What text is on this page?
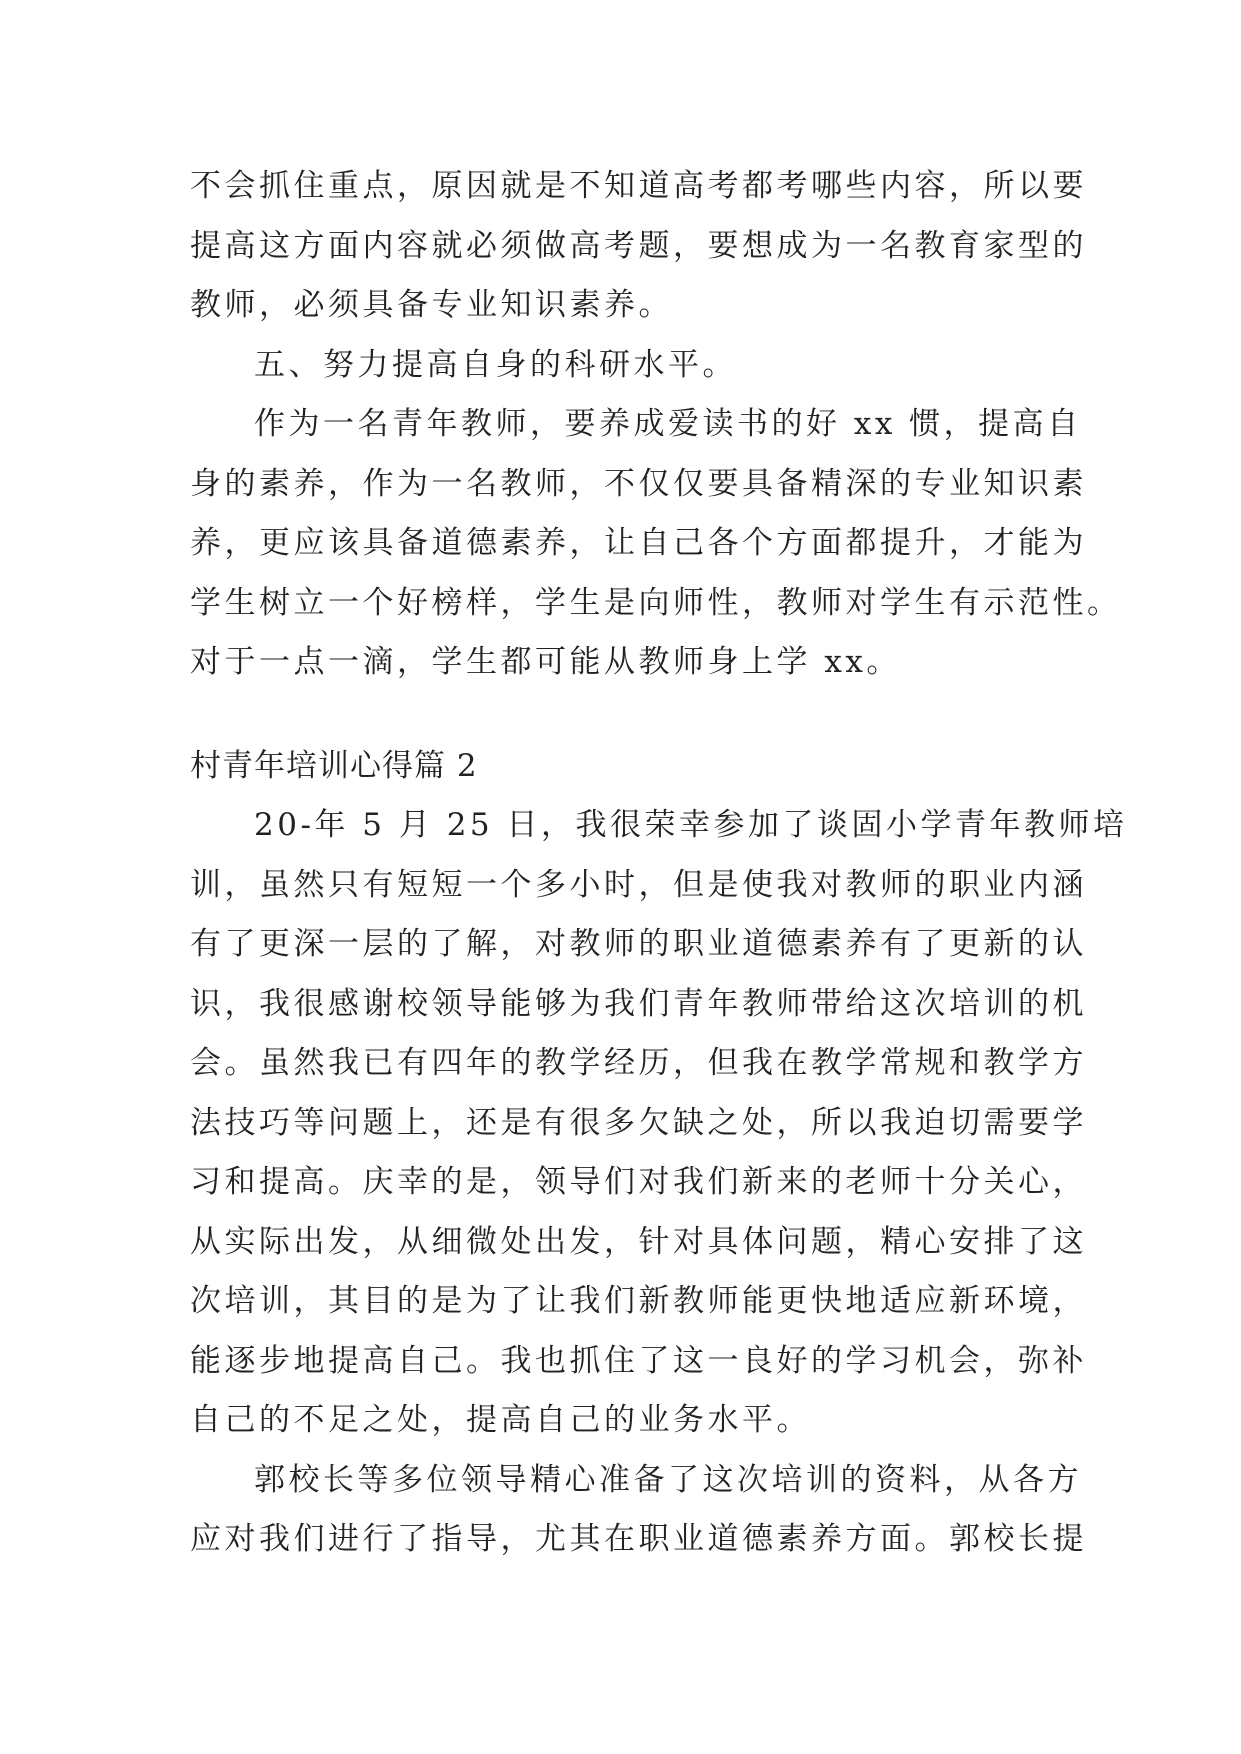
不会抓住重点，原因就是不知道高考都考哪些内容，所以要
提高这方面内容就必须做高考题，要想成为一名教育家型的
教师，必须具备专业知识素养。
五、努力提高自身的科研水平。
作为一名青年教师，要养成爱读书的好 xx 惯，提高自
身的素养，作为一名教师，不仅仅要具备精深的专业知识素
养，更应该具备道德素养，让自己各个方面都提升，才能为
学生树立一个好榜样，学生是向师性，教师对学生有示范性。
对于一点一滴，学生都可能从教师身上学 xx。
村青年培训心得篇 2
20-年 5 月 25 日，我很荣幸参加了谈固小学青年教师培
训，虽然只有短短一个多小时，但是使我对教师的职业内涵
有了更深一层的了解，对教师的职业道德素养有了更新的认
识，我很感谢校领导能够为我们青年教师带给这次培训的机
会。虽然我已有四年的教学经历，但我在教学常规和教学方
法技巧等问题上，还是有很多欠缺之处，所以我迫切需要学
习和提高。庆幸的是，领导们对我们新来的老师十分关心，
从实际出发，从细微处出发，针对具体问题，精心安排了这
次培训，其目的是为了让我们新教师能更快地适应新环境，
能逐步地提高自己。我也抓住了这一良好的学习机会，弥补
自己的不足之处，提高自己的业务水平。
郭校长等多位领导精心准备了这次培训的资料，从各方
应对我们进行了指导，尤其在职业道德素养方面。郭校长提
